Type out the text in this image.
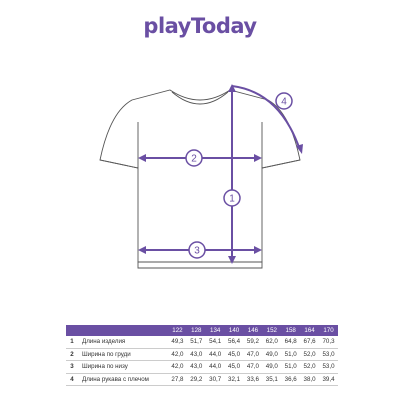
playToday
1
2
3
4
		122	128	134	140	146	152	158	164	170
1	Длина изделия	49,3	51,7	54,1	56,4	59,2	62,0	64,8	67,6	70,3
2	Ширина по груди	42,0	43,0	44,0	45,0	47,0	49,0	51,0	52,0	53,0
3	Ширина по низу	42,0	43,0	44,0	45,0	47,0	49,0	51,0	52,0	53,0
4	Длина рукава с плечом	27,8	29,2	30,7	32,1	33,6	35,1	36,6	38,0	39,4
